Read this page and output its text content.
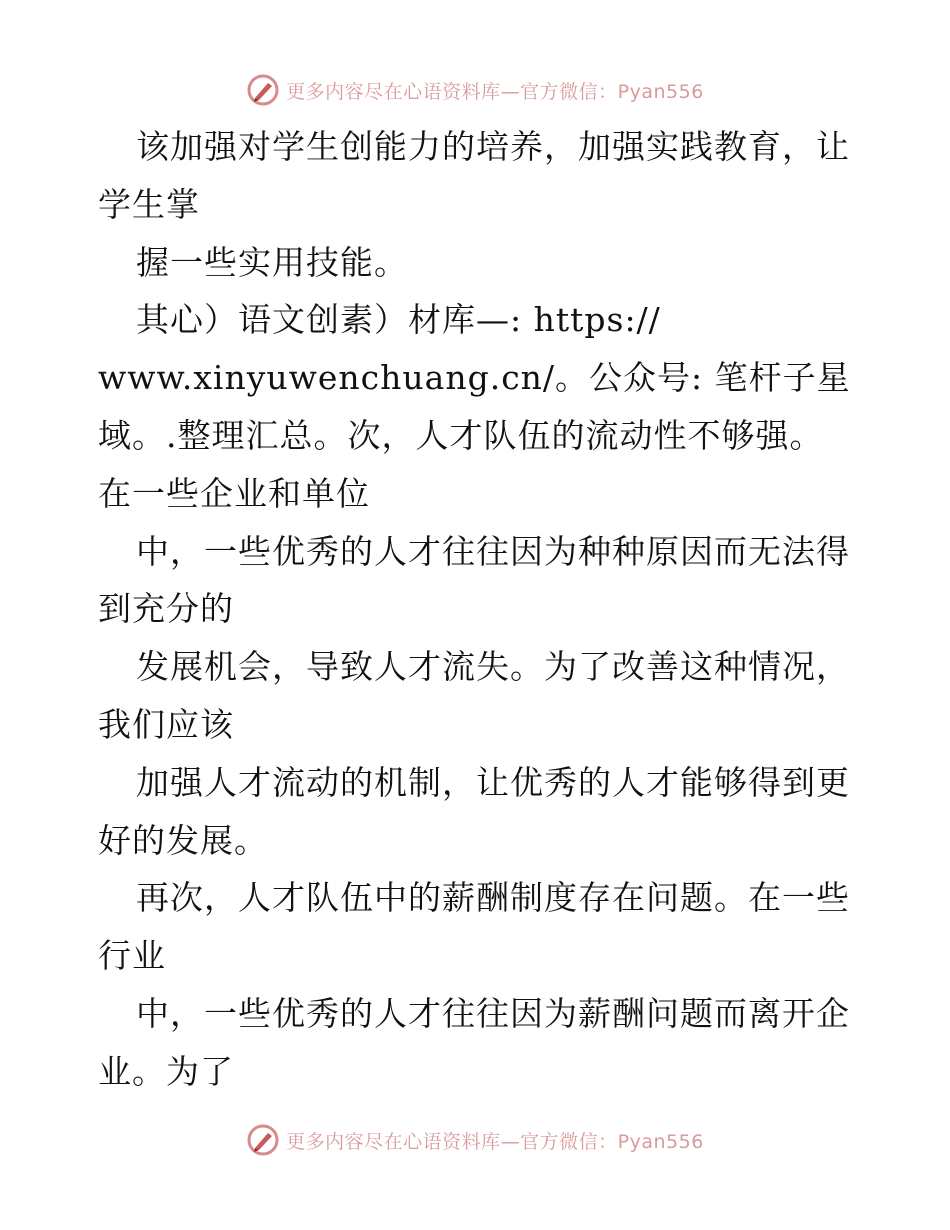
更多内容尽在心语资料库—官方微信：Pyan556
该加强对学生创能力的培养，加强实践教育，让
学生掌
握一些实用技能。
其心）语文创素）材库—: https://
www.xinyuwenchuang.cn/。公众号: 笔杆子星
域。.整理汇总。次，人才队伍的流动性不够强。
在一些企业和单位
中，一些优秀的人才往往因为种种原因而无法得
到充分的
发展机会，导致人才流失。为了改善这种情况，
我们应该
加强人才流动的机制，让优秀的人才能够得到更
好的发展。
再次，人才队伍中的薪酬制度存在问题。在一些
行业
中，一些优秀的人才往往因为薪酬问题而离开企
业。为了
更多内容尽在心语资料库—官方微信：Pyan556
